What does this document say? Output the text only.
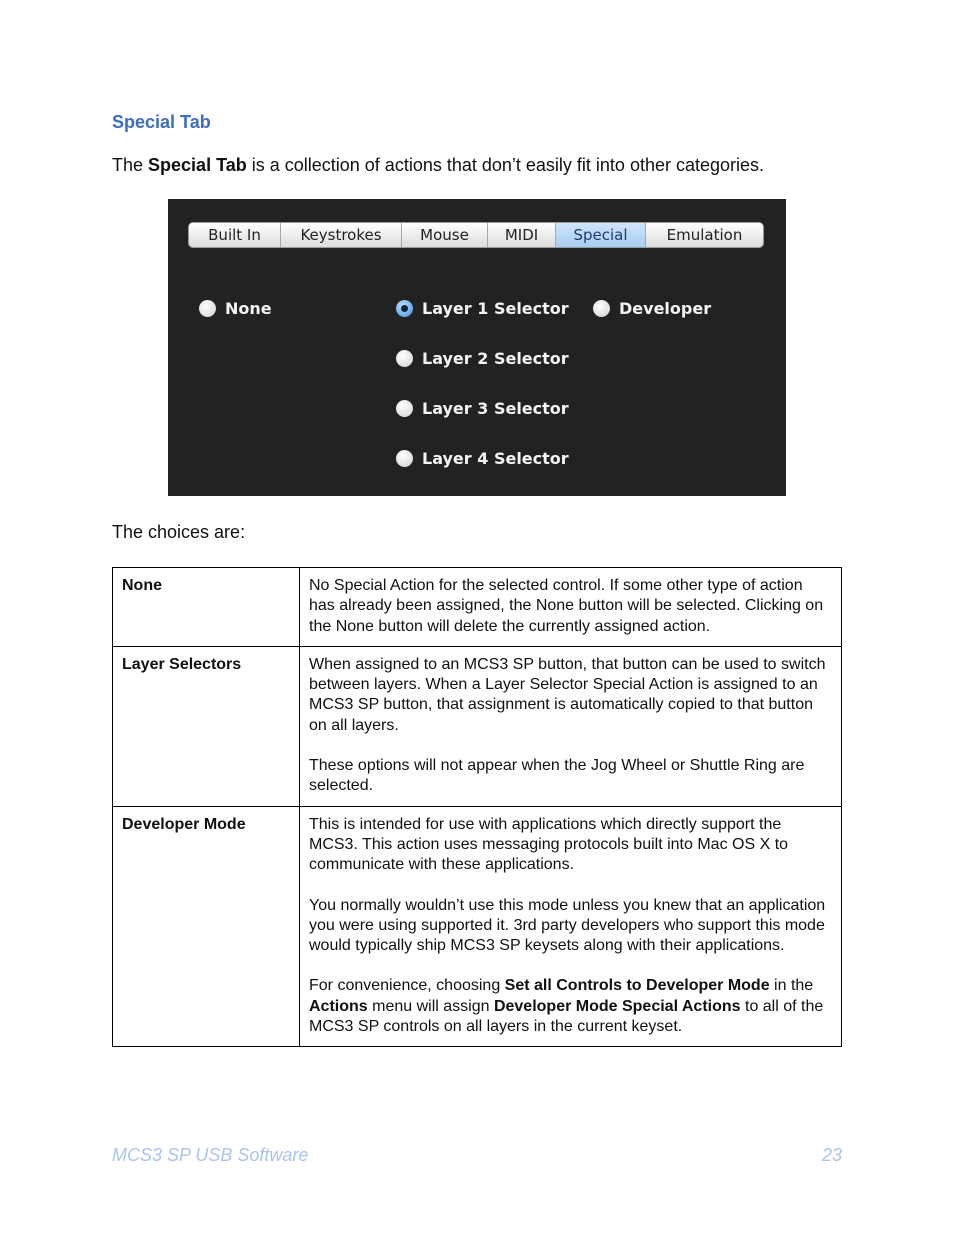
Special Tab
The Special Tab is a collection of actions that don’t easily fit into other categories.
Built In	Keystrokes	Mouse	MIDI	Special	Emulation
None	Layer 1 Selector	Developer
Layer 2 Selector
Layer 3 Selector
Layer 4 Selector
The choices are:
None	No Special Action for the selected control. If some other type of action has already been assigned, the None button will be selected. Clicking on the None button will delete the currently assigned action.

Layer Selectors	When assigned to an MCS3 SP button, that button can be used to switch between layers. When a Layer Selector Special Action is assigned to an MCS3 SP button, that assignment is automatically copied to that button on all layers.

These options will not appear when the Jog Wheel or Shuttle Ring are selected.

Developer Mode	This is intended for use with applications which directly support the MCS3. This action uses messaging protocols built into Mac OS X to communicate with these applications.

You normally wouldn’t use this mode unless you knew that an application you were using supported it. 3rd party developers who support this mode would typically ship MCS3 SP keysets along with their applications.

For convenience, choosing Set all Controls to Developer Mode in the Actions menu will assign Developer Mode Special Actions to all of the MCS3 SP controls on all layers in the current keyset.

MCS3 SP USB Software	23
